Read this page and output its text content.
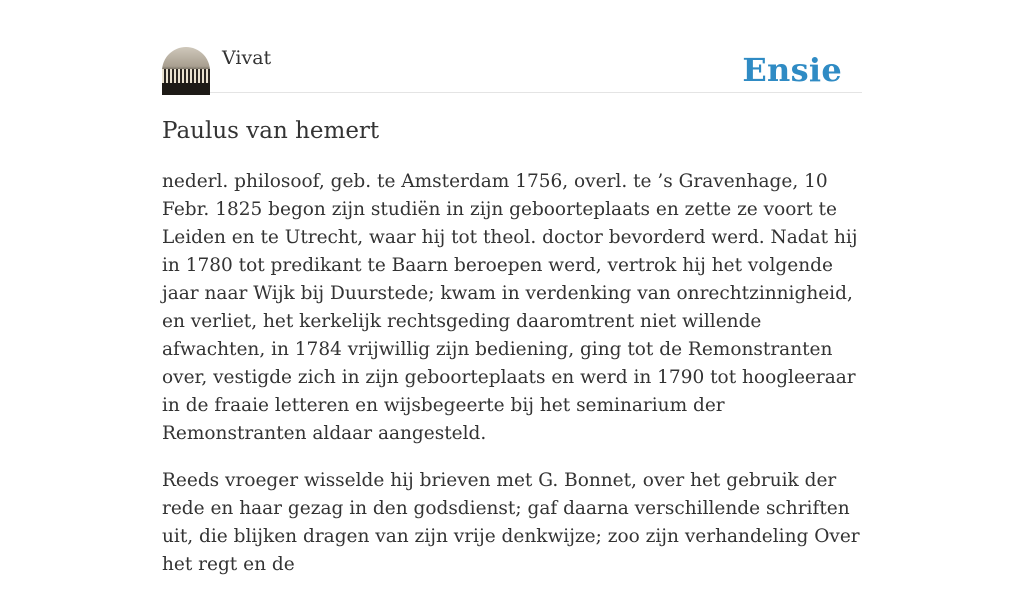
Vivat	Ensie
Paulus van hemert

nederl. philosoof, geb. te Amsterdam 1756, overl. te ’s Gravenhage, 10 Febr. 1825 begon zijn studiën in zijn geboorteplaats en zette ze voort te Leiden en te Utrecht, waar hij tot theol. doctor bevorderd werd. Nadat hij in 1780 tot predikant te Baarn beroepen werd, vertrok hij het volgende jaar naar Wijk bij Duurstede; kwam in verdenking van onrechtzinnigheid, en verliet, het kerkelijk rechtsgeding daaromtrent niet willende afwachten, in 1784 vrijwillig zijn bediening, ging tot de Remonstranten over, vestigde zich in zijn geboorteplaats en werd in 1790 tot hoogleeraar in de fraaie letteren en wijsbegeerte bij het seminarium der Remonstranten aldaar aangesteld.

Reeds vroeger wisselde hij brieven met G. Bonnet, over het gebruik der rede en haar gezag in den godsdienst; gaf daarna verschillende schriften uit, die blijken dragen van zijn vrije denkwijze; zoo zijn verhandeling Over het regt en de
